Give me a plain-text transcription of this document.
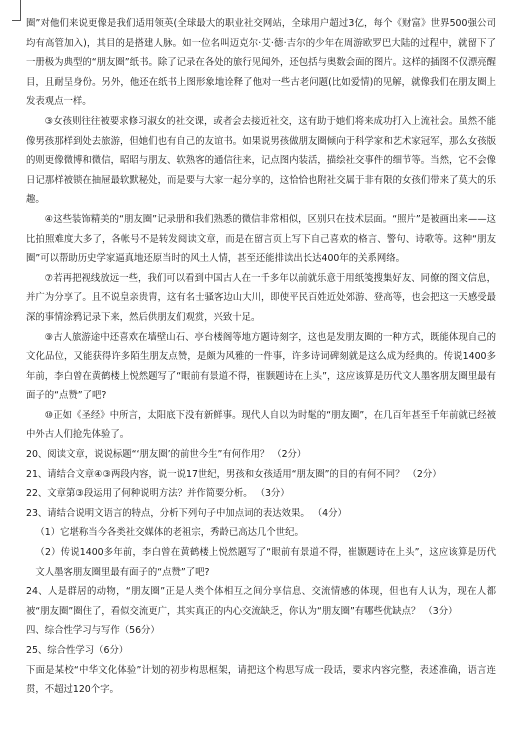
圈”对他们来说更像是我们适用领英(全球最大的职业社交网站，全球用户超过3亿，每个《财富》世界500强公司均有高管加入)，其目的是搭建人脉。如一位名叫迈克尔·艾·德·吉尔的少年在周游欧罗巴大陆的过程中，就留下了一册极为典型的“朋友圈”纸书。除了记录在各处的旅行见闻外，还包括与奥数会面的图片。这样的插图不仅漂亮醒目，且耐呈身份。另外，他还在纸书上图形象地诠释了他对一些古老问题(比如爱情)的见解，就像我们在朋友圈上发表观点一样。

③女孩则往往被要求修习淑女的社交课，或者会去接近社交，这有助于她们将来成功打入上流社会。虽然不能像男孩那样到处去旅游，但她们也有自己的友谊书。如果说男孩做朋友圈倾向于科学家和艺术家冠军，那么女孩版的则更像微博和微信，昭昭与朋友、软熟客的通信往来，记点图内装活，描绘社交事件的细节等。当然，它不会像日记那样被锁在抽屉最软默秘处，而是要与大家一起分享的，这恰恰也附社交属于非有限的女孩们带来了莫大的乐趣。

④这些装饰精美的“朋友圈”记录册和我们熟悉的微信非常相似，区别只在技术层面。“照片”是被画出来——这比拍照难度大多了，各帐号不是转发阅读文章，而是在留言页上写下自己喜欢的格言、警句、诗歌等。这种“朋友圈”可以帮助历史学家逼真地还原当时的风土人情，甚至还能排读出长达400年的关系网络。

⑦若再把视线放远一些，我们可以看到中国古人在一千多年以前就乐意于用纸笺搜集好友、同僚的图文信息，并广为分享了。且不说皇亲贵胄，这有名士骚客边山大川，即使平民百姓近处郊游、登高等，也会把这一天感受最深的事情涂鸦记录下来，然后供朋友们观赏，兴致十足。

⑨古人旅游途中还喜欢在墙壁山石、亭台楼阁等地方题诗刻字，这也是发朋友圈的一种方式，既能体现自己的文化品位，又能获得许多陌生朋友点赞，是颇为风雅的一件事，许多诗词碑刻就是这么成为经典的。传说1400多年前，李白曾在黄鹤楼上悦然题写了“眼前有景道不得，崔颢题诗在上头”，这应该算是历代文人墨客朋友圈里最有面子的“点赞”了吧?

⑩正如《圣经》中所言，太阳底下没有新鲜事。现代人自以为时髦的“朋友圈”，在几百年甚至千年前就已经被中外古人们抢先体验了。

20、阅读文章，说说标题“‘朋友圈’的前世今生”有何作用？ （2分）

21、请结合文章④③两段内容，说一说17世纪，男孩和女孩适用“朋友圈”的目的有何不同？ （2分）

22、文章第③段运用了何种说明方法？并作简要分析。 （3分）

23、请结合说明文语言的特点，分析下列句子中加点词的表达效果。 （4分）

（1）它堪称当今各类社交媒体的老祖宗，秀龄已高达几个世纪。

（2）传说1400多年前，李白曾在黄鹤楼上悦然题写了“眼前有景道不得，崔颢题诗在上头”，这应该算是历代文人墨客朋友圈里最有面子的“点赞”了吧?

24、人是群居的动物，“朋友圈”正是人类个体相互之间分享信息、交流情感的体现，但也有人认为，现在人都被“朋友圈”圈住了，看似交流更广，其实真正的内心交流缺乏，你认为“朋友圈”有哪些优缺点？ （3分）

四、综合性学习与写作（56分）

25、综合性学习（6分）

下面是某校“中华文化体验”计划的初步构思框架，请把这个构思写成一段话，要求内容完整，表述准确，语言连贯，不超过120个字。
